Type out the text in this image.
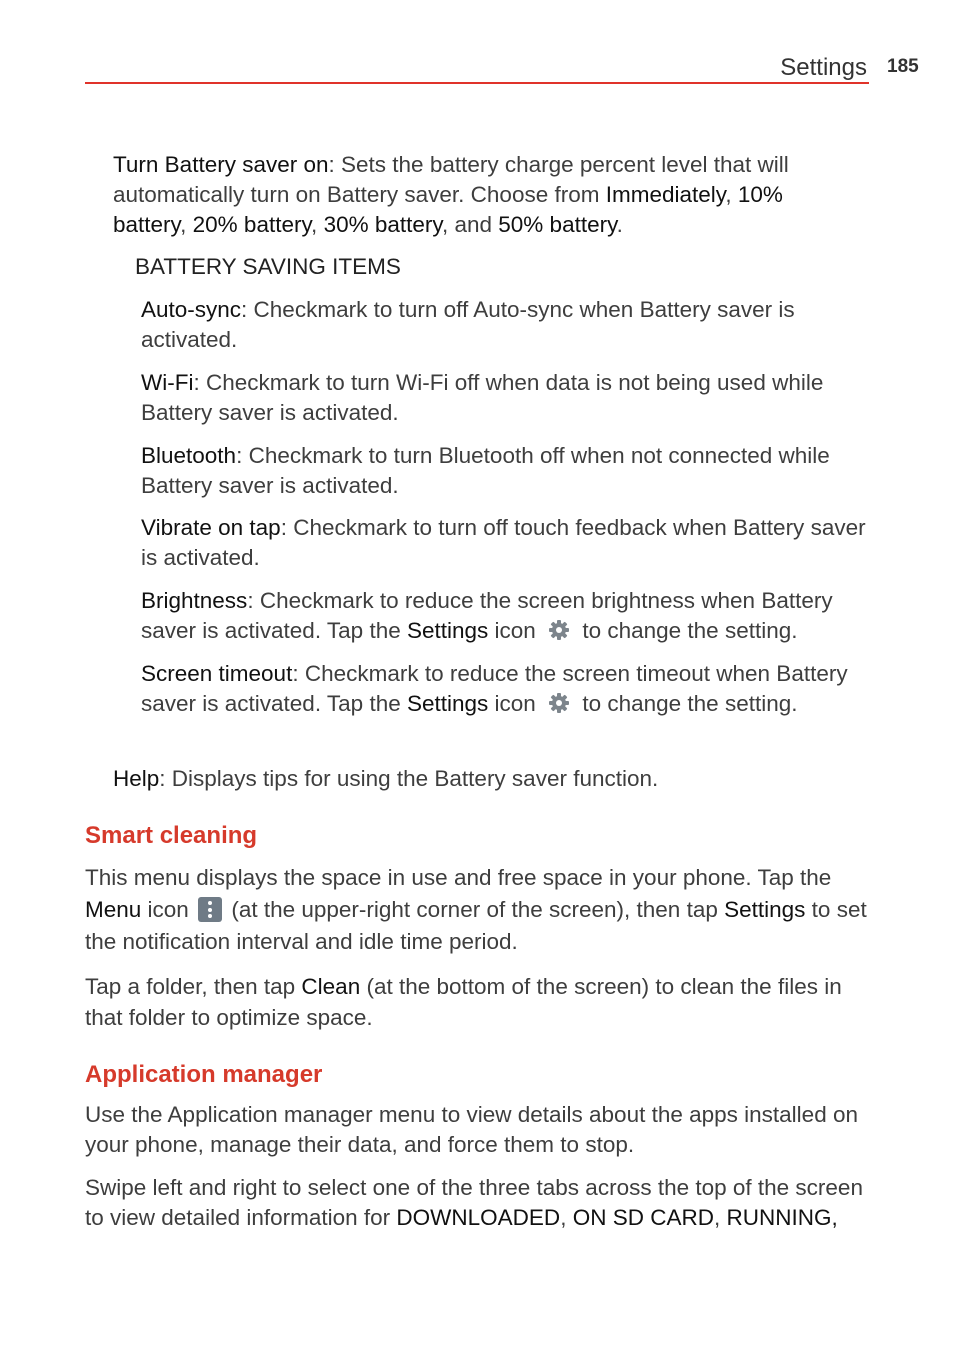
Settings 185

Turn Battery saver on: Sets the battery charge percent level that will automatically turn on Battery saver. Choose from Immediately, 10% battery, 20% battery, 30% battery, and 50% battery.

BATTERY SAVING ITEMS

Auto-sync: Checkmark to turn off Auto-sync when Battery saver is activated.

Wi-Fi: Checkmark to turn Wi-Fi off when data is not being used while Battery saver is activated.

Bluetooth: Checkmark to turn Bluetooth off when not connected while Battery saver is activated.

Vibrate on tap: Checkmark to turn off touch feedback when Battery saver is activated.

Brightness: Checkmark to reduce the screen brightness when Battery saver is activated. Tap the Settings icon  to change the setting.

Screen timeout: Checkmark to reduce the screen timeout when Battery saver is activated. Tap the Settings icon  to change the setting.

Help: Displays tips for using the Battery saver function.

Smart cleaning

This menu displays the space in use and free space in your phone. Tap the Menu icon
(at the upper-right corner of the screen), then tap Settings to set the notification interval and idle time period.

Tap a folder, then tap Clean (at the bottom of the screen) to clean the files in that folder to optimize space.

Application manager

Use the Application manager menu to view details about the apps installed on your phone, manage their data, and force them to stop.

Swipe left and right to select one of the three tabs across the top of the screen to view detailed information for DOWNLOADED, ON SD CARD, RUNNING,
